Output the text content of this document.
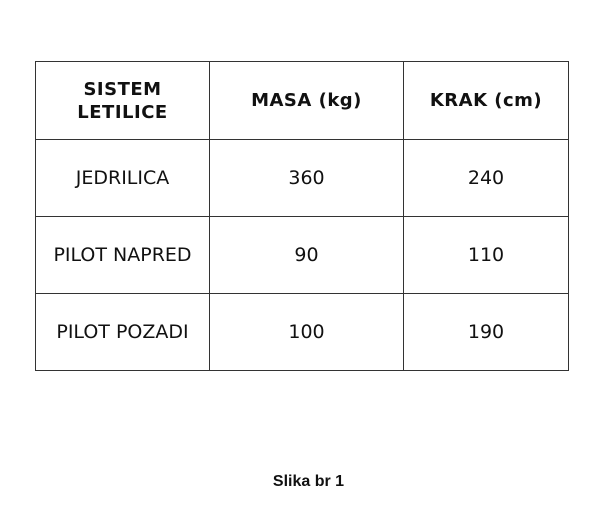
SISTEM
LETILICE	MASA (kg)	KRAK (cm)
JEDRILICA	360	240
PILOT NAPRED	90	110
PILOT POZADI	100	190
Slika br 1
